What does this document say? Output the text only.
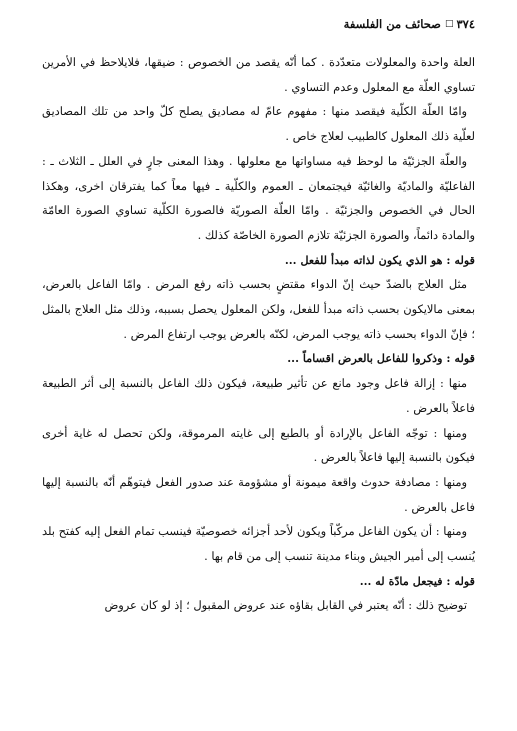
٣٧٤
□
صحائف من الفلسفة

العلة واحدة والمعلولات متعدّدة . كما أنّه يقصد من الخصوص : ضيقها، فلايلاحظ في الأمرين تساوي العلّة مع المعلول وعدم التساوي .

وامّا العلّة الكلّية فيقصد منها : مفهوم عامّ له مصاديق يصلح كلّ واحد من تلك المصاديق لعلّية ذلك المعلول كالطبيب لعلاج خاص .

والعلّة الجزئيّة ما لوحظ فيه مساواتها مع معلولها . وهذا المعنى جارٍ في العلل ـ الثلاث ـ : الفاعليّة والماديّة والغائيّة فيجتمعان ـ العموم والكلّية ـ فيها معاً كما يفترقان اخرى، وهكذا الحال في الخصوص والجزئيّة . وامّا العلّة الصوريّة فالصورة الكلّية تساوي الصورة العامّة والمادة دائماً، والصورة الجزئيّة تلازم الصورة الخاصّة كذلك .

قوله : هو الذي يكون لذاته مبدأ للفعل ...

مثل العلاج بالضدّ حيث إنّ الدواء مقتضٍ بحسب ذاته رفع المرض . وامّا الفاعل بالعرض، بمعنى مالايكون بحسب ذاته مبدأ للفعل، ولكن المعلول يحصل بسببه، وذلك مثل العلاج بالمثل ؛ فإنّ الدواء بحسب ذاته يوجب المرض، لكنّه بالعرض يوجب ارتفاع المرض .

قوله : وذكروا للفاعل بالعرض اقساماً ...

منها : إزالة فاعل وجود مانع عن تأثير طبيعة، فيكون ذلك الفاعل بالنسبة إلى أثر الطبيعة فاعلاً بالعرض .

ومنها : توجّه الفاعل بالإرادة أو بالطبع إلى غايته المرموقة، ولكن تحصل له غاية أخرى فيكون بالنسبة إليها فاعلاً بالعرض .

ومنها : مصادفة حدوث واقعة ميمونة أو مشؤومة عند صدور الفعل فيتوهّم أنّه بالنسبة إليها فاعل بالعرض .

ومنها : أن يكون الفاعل مركّباً ويكون لأحد أجزائه خصوصيّة فينسب تمام الفعل إليه كفتح بلد يُنسب إلى أمير الجيش وبناء مدينة تنسب إلى من قام بها .

قوله : فيجعل مادّة له ...

توضيح ذلك : أنّه يعتبر في القابل بقاؤه عند عروض المقبول ؛ إذ لو كان عروض
